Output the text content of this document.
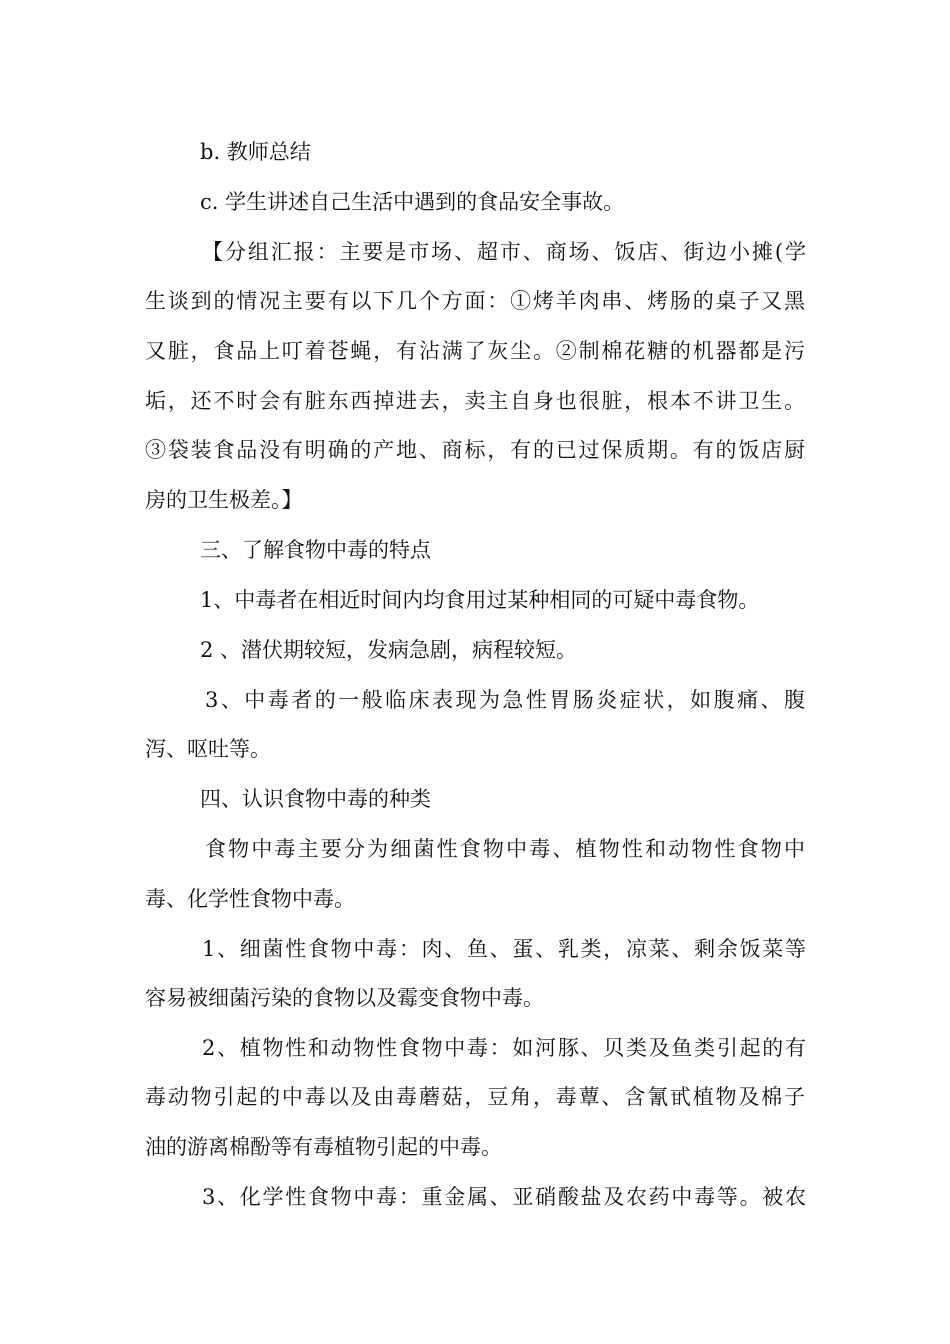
b. 教师总结

c. 学生讲述自己生活中遇到的食品安全事故。

【分组汇报：主要是市场、超市、商场、饭店、街边小摊(学

生谈到的情况主要有以下几个方面：①烤羊肉串、烤肠的桌子又黑

又脏，食品上叮着苍蝇，有沾满了灰尘。②制棉花糖的机器都是污

垢，还不时会有脏东西掉进去，卖主自身也很脏，根本不讲卫生。

③袋装食品没有明确的产地、商标，有的已过保质期。有的饭店厨

房的卫生极差。】

三、了解食物中毒的特点

1、中毒者在相近时间内均食用过某种相同的可疑中毒食物。

2 、潜伏期较短，发病急剧，病程较短。

3、中毒者的一般临床表现为急性胃肠炎症状，如腹痛、腹

泻、呕吐等。

四、认识食物中毒的种类

食物中毒主要分为细菌性食物中毒、植物性和动物性食物中

毒、化学性食物中毒。

1、细菌性食物中毒：肉、鱼、蛋、乳类，凉菜、剩余饭菜等

容易被细菌污染的食物以及霉变食物中毒。

2、植物性和动物性食物中毒：如河豚、贝类及鱼类引起的有

毒动物引起的中毒以及由毒蘑菇，豆角，毒蕈、含氰甙植物及棉子

油的游离棉酚等有毒植物引起的中毒。

3、化学性食物中毒：重金属、亚硝酸盐及农药中毒等。被农
